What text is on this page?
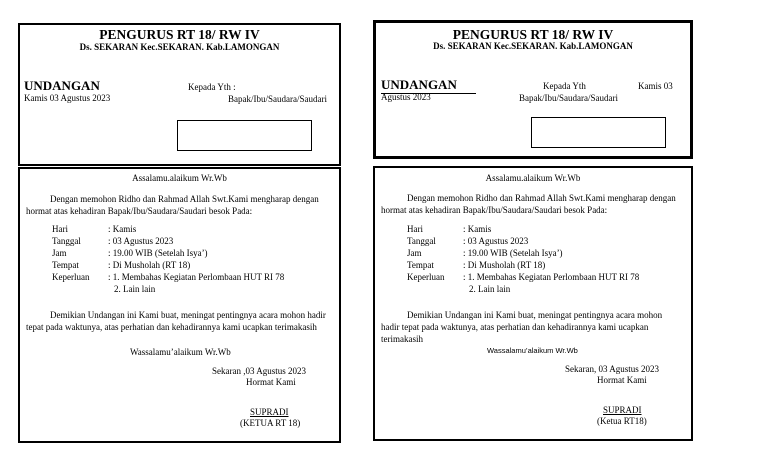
PENGURUS RT 18/ RW IV
Ds. SEKARAN Kec.SEKARAN. Kab.LAMONGAN
UNDANGAN
Kamis 03 Agustus 2023
Kepada Yth :
Bapak/Ibu/Saudara/Saudari
Assalamu.alaikum Wr.Wb
Dengan memohon Ridho dan Rahmad Allah Swt.Kami mengharap dengan hormat atas kehadiran Bapak/Ibu/Saudara/Saudari besok Pada:
Hari	: Kamis
Tanggal	: 03 Agustus 2023
Jam	: 19.00 WIB (Setelah Isya’)
Tempat	: Di Musholah (RT 18)
Keperluan : 1. Membahas Kegiatan Perlombaan HUT RI 78
2. Lain lain
Demikian Undangan ini Kami buat, meningat pentingnya acara mohon hadir tepat pada waktunya, atas perhatian dan kehadirannya kami ucapkan terimakasih
Wassalamu’alaikum Wr.Wb
Sekaran ,03 Agustus 2023
Hormat Kami
SUPRADI
(KETUA RT 18)
PENGURUS RT 18/ RW IV
Ds. SEKARAN Kec.SEKARAN. Kab.LAMONGAN
UNDANGAN
Agustus 2023
Kepada Yth	Kamis 03
Bapak/Ibu/Saudara/Saudari
Assalamu.alaikum Wr.Wb
Dengan memohon Ridho dan Rahmad Allah Swt.Kami mengharap dengan hormat atas kehadiran Bapak/Ibu/Saudara/Saudari besok Pada:
Hari	: Kamis
Tanggal	: 03 Agustus 2023
Jam	: 19.00 WIB (Setelah Isya’)
Tempat	: Di Musholah (RT 18)
Keperluan : 1. Membahas Kegiatan Perlombaan HUT RI 78
2. Lain lain
Demikian Undangan ini Kami buat, meningat pentingnya acara mohon hadir tepat pada waktunya, atas perhatian dan kehadirannya kami ucapkan terimakasih
Wassalamu’alaikum Wr.Wb
Sekaran, 03 Agustus 2023
Hormat Kami
SUPRADI
(Ketua RT18)
